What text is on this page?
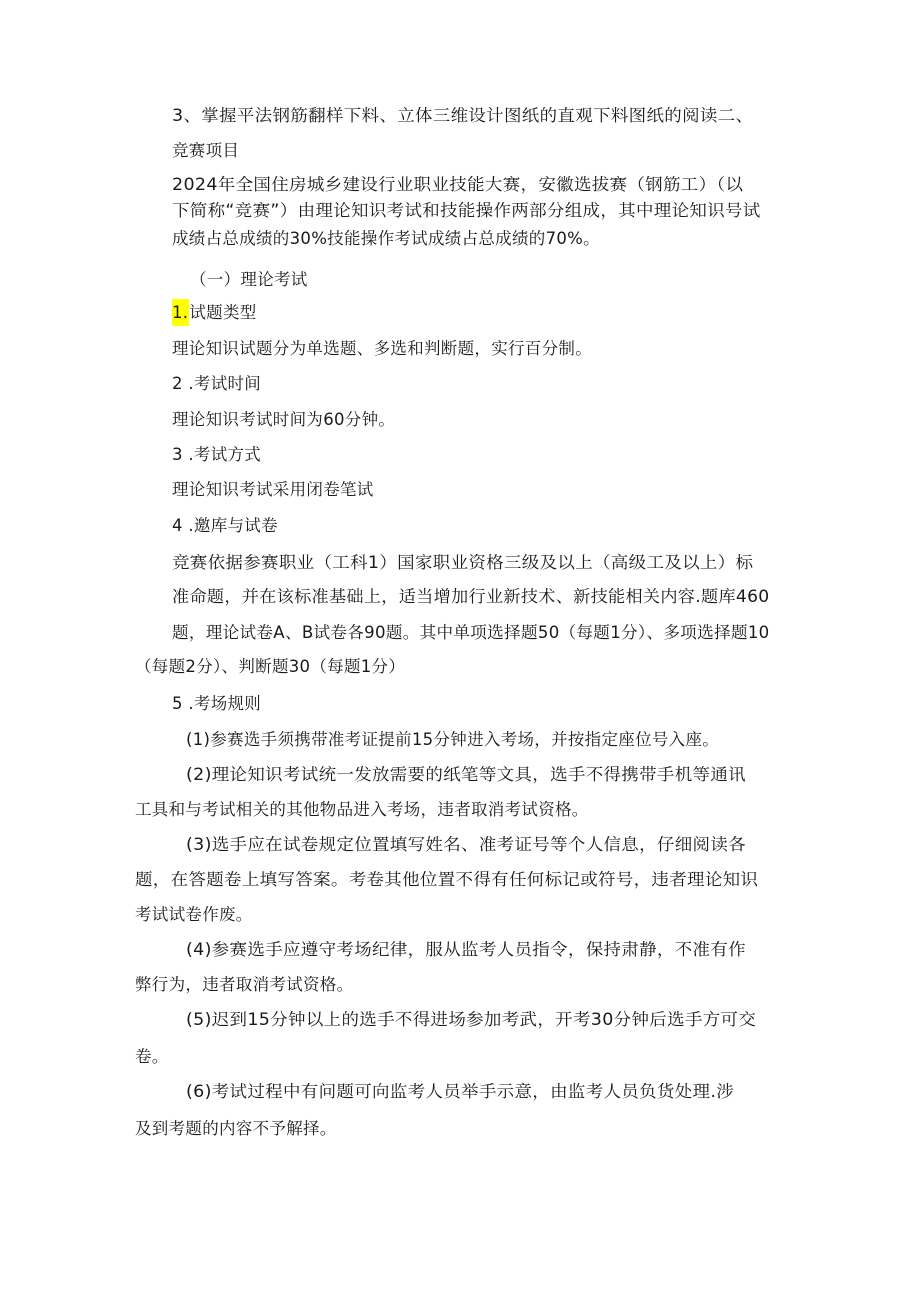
3、掌握平法钢筋翻样下料、立体三维设计图纸的直观下料图纸的阅读二、
竞赛项目
2024年全国住房城乡建设行业职业技能大赛，安徽选拔赛（钢筋工）（以
下简称“竞赛”）由理论知识考试和技能操作两部分组成，其中理论知识号试
成绩占总成绩的30%技能操作考试成绩占总成绩的70%。
（一）理论考试
1.试题类型
理论知识试题分为单选题、多选和判断题，实行百分制。
2 .考试时间
理论知识考试时间为60分钟。
3 .考试方式
理论知识考试采用闭卷笔试
4 .邀库与试卷
竞赛依据参赛职业（工科1）国家职业资格三级及以上（高级工及以上）标
准命题，并在该标准基础上，适当增加行业新技术、新技能相关内容.题库460
题，理论试卷A、B试卷各90题。其中单项选择题50（每题1分）、多项选择题10
（每题2分）、判断题30（每题1分）
5 .考场规则
(1)参赛选手须携带准考证提前15分钟进入考场，并按指定座位号入座。
(2)理论知识考试统一发放需要的纸笔等文具，选手不得携带手机等通讯
工具和与考试相关的其他物品进入考场，违者取消考试资格。
(3)选手应在试卷规定位置填写姓名、准考证号等个人信息，仔细阅读各
题，在答题卷上填写答案。考卷其他位置不得有任何标记或符号，违者理论知识
考试试卷作废。
(4)参赛选手应遵守考场纪律，服从监考人员指令，保持肃静，不准有作
弊行为，违者取消考试资格。
(5)迟到15分钟以上的选手不得进场参加考武，开考30分钟后选手方可交
卷。
(6)考试过程中有问题可向监考人员举手示意，由监考人员负货处理.涉
及到考题的内容不予解择。
